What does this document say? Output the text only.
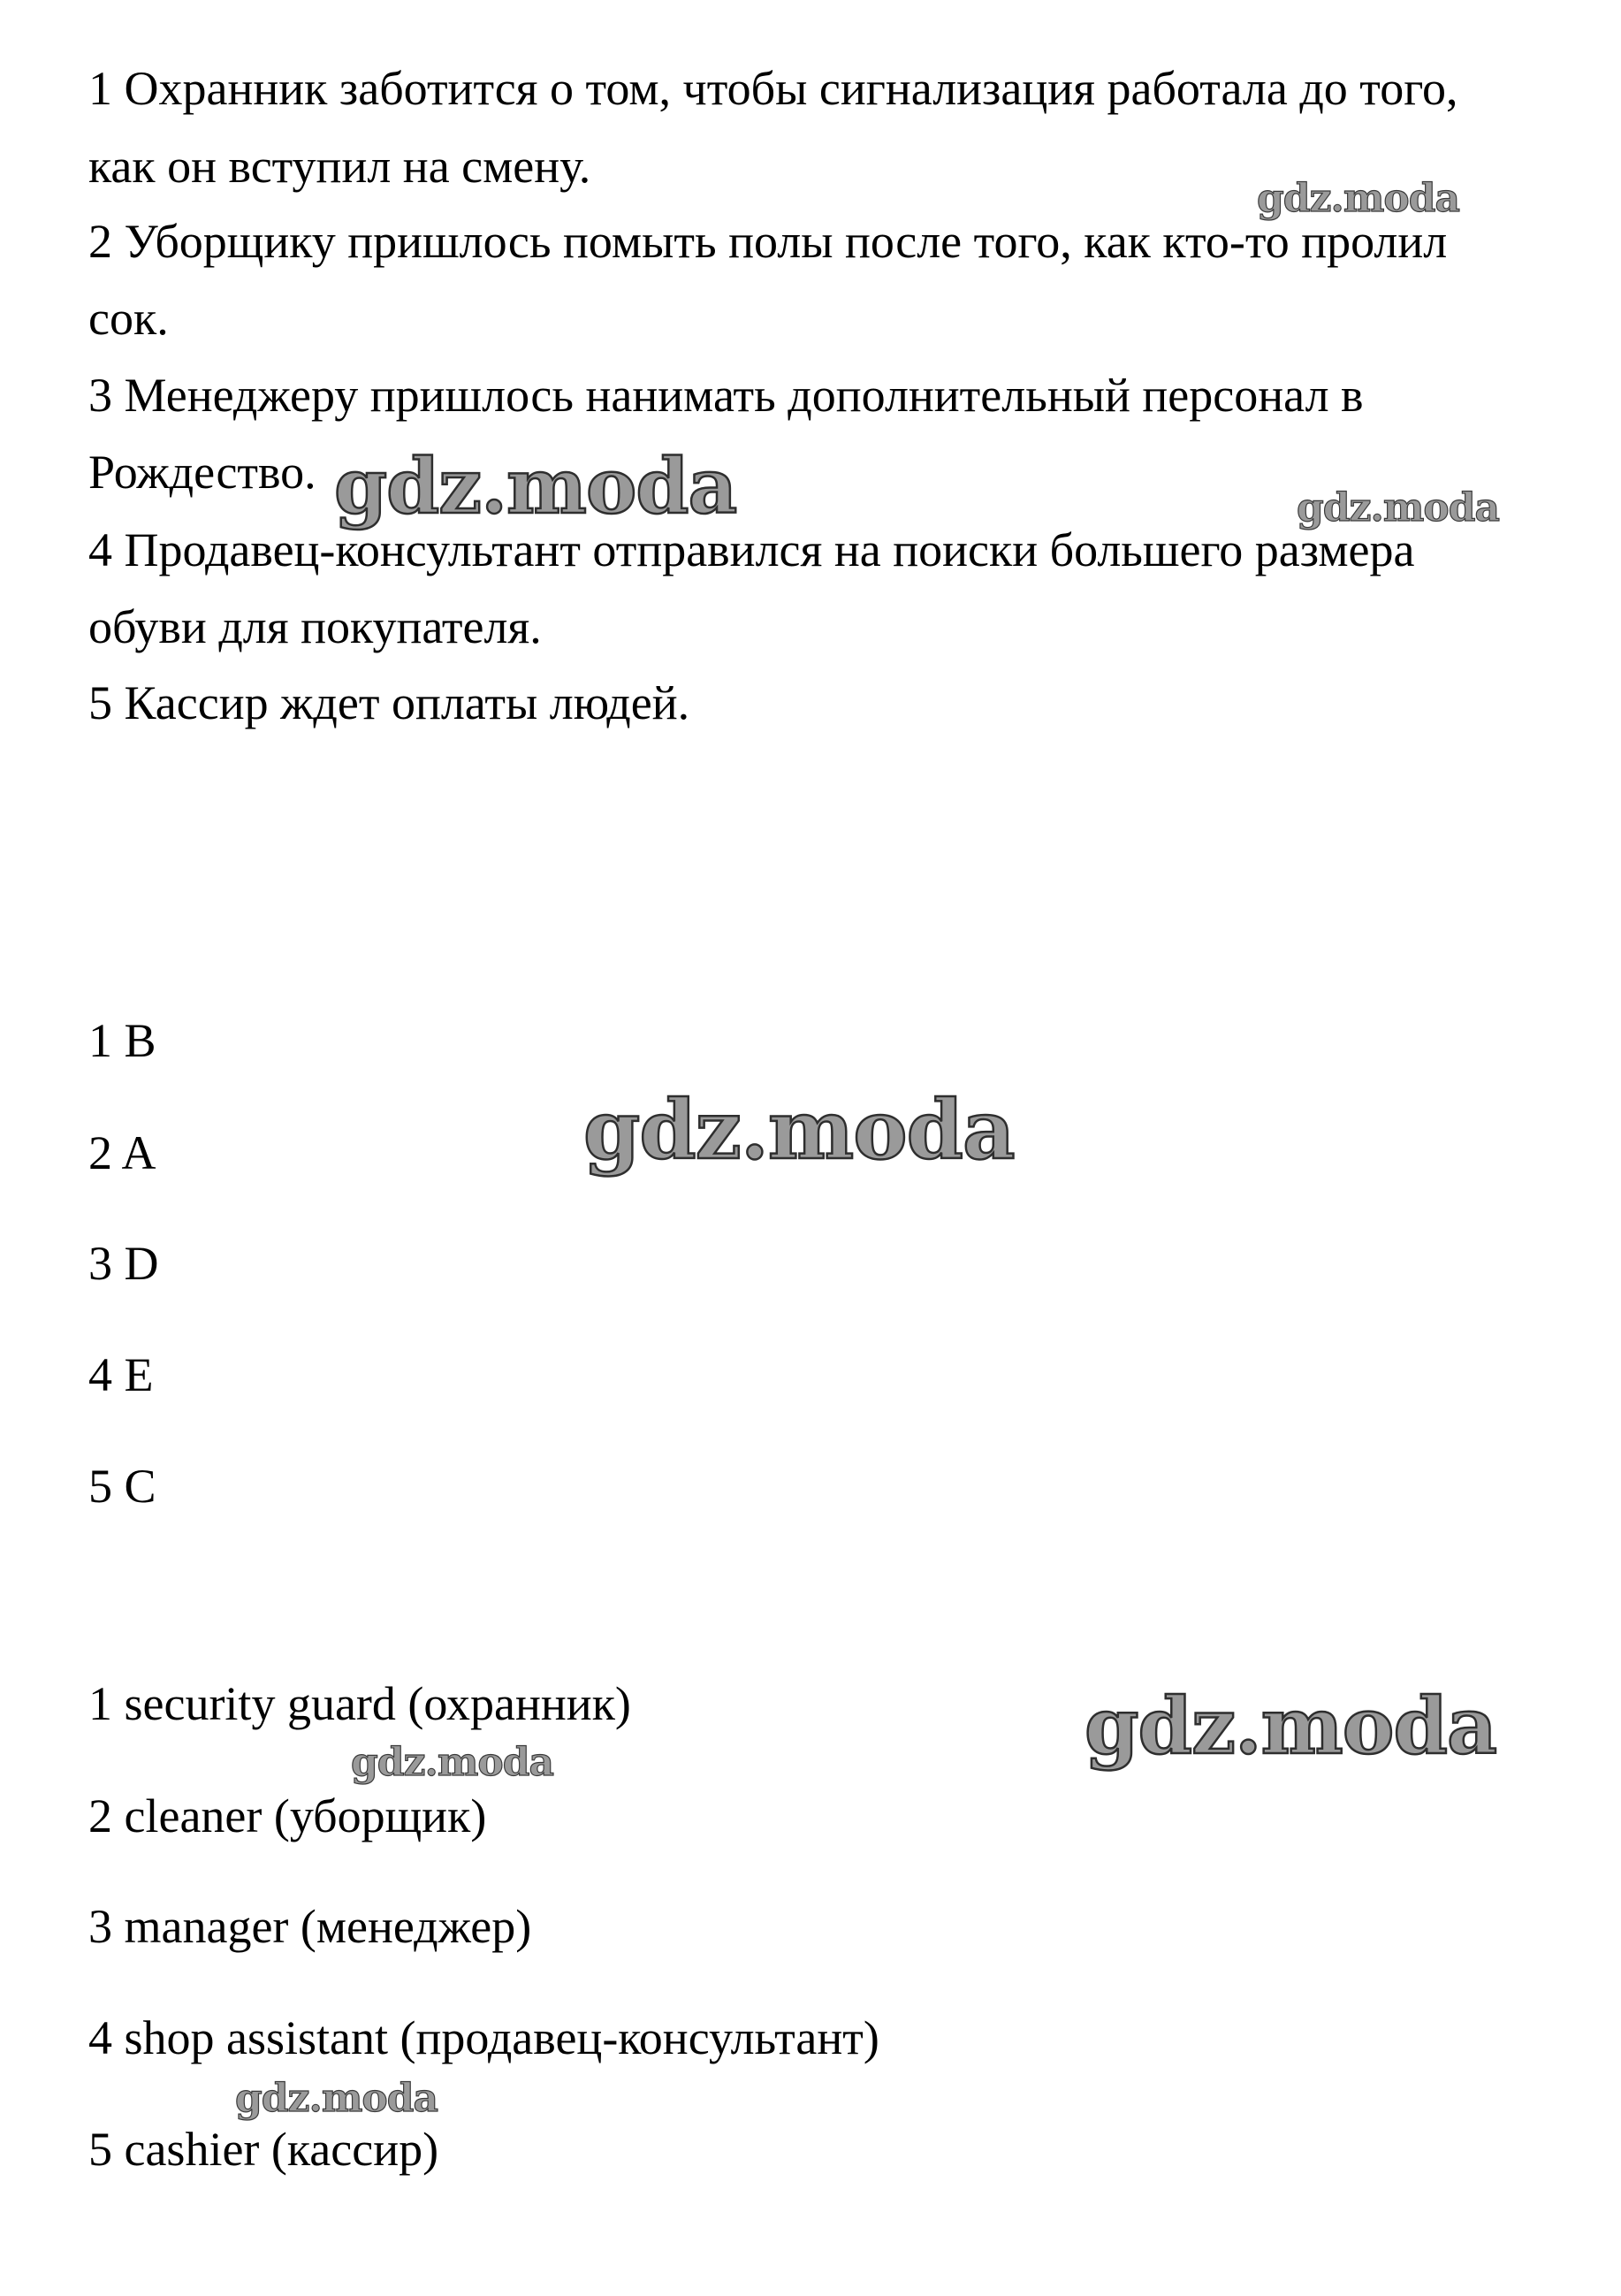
1 Охранник заботится о том, чтобы сигнализация работала до того,
как он вступил на смену.
2 Уборщику пришлось помыть полы после того, как кто-то пролил
сок.
3 Менеджеру пришлось нанимать дополнительный персонал в
Рождество.
4 Продавец-консультант отправился на поиски большего размера
обуви для покупателя.
5 Кассир ждет оплаты людей.
1 B
2 A
3 D
4 E
5 C
1 security guard (охранник)
2 cleaner (уборщик)
3 manager (менеджер)
4 shop assistant (продавец-консультант)
5 cashier (кассир)
gdz.moda
gdz.moda	gdz.moda
gdz.moda
gdz.moda
gdz.moda
gdz.moda
